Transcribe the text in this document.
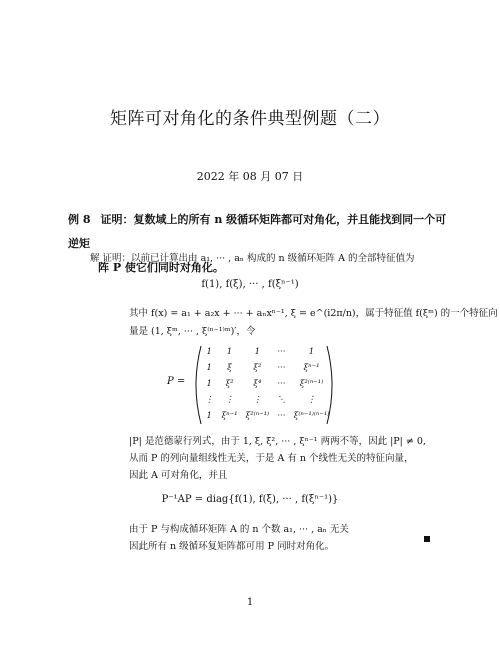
矩阵可对角化的条件典型例题（二）
2022 年 08 月 07 日
例 8 证明：复数域上的所有 n 级循环矩阵都可对角化，并且能找到同一个可逆矩
阵 P 使它们同时对角化。
解 证明：以前已计算出由 a₁, ··· , aₙ 构成的 n 级循环矩阵 A 的全部特征值为
f(1), f(ξ), ··· , f(ξⁿ⁻¹)
其中 f(x) = a₁ + a₂x + ··· + aₙxⁿ⁻¹, ξ = e^(i2π/n)，属于特征值 f(ξᵐ) 的一个特征向
量是 (1, ξᵐ, ··· , ξ⁽ⁿ⁻¹⁾ᵐ)′，令
P =
1	1	1	···	1
1	ξ	ξ²	···	ξⁿ⁻¹
1	ξ²	ξ⁴	···	ξ²⁽ⁿ⁻¹⁾
⋮	⋮	⋮	⋱	⋮
1	ξⁿ⁻¹	ξ²⁽ⁿ⁻¹⁾	···	ξ⁽ⁿ⁻¹⁾⁽ⁿ⁻¹⁾
|P| 是范德蒙行列式，由于 1, ξ, ξ², ··· , ξⁿ⁻¹ 两两不等，因此 |P| ≠ 0,
从而 P 的列向量组线性无关，于是 A 有 n 个线性无关的特征向量，
因此 A 可对角化，并且
P⁻¹AP = diag{f(1), f(ξ), ··· , f(ξⁿ⁻¹)}
由于 P 与构成循环矩阵 A 的 n 个数 a₁, ··· , aₙ 无关
因此所有 n 级循环复矩阵都可用 P 同时对角化。
1
